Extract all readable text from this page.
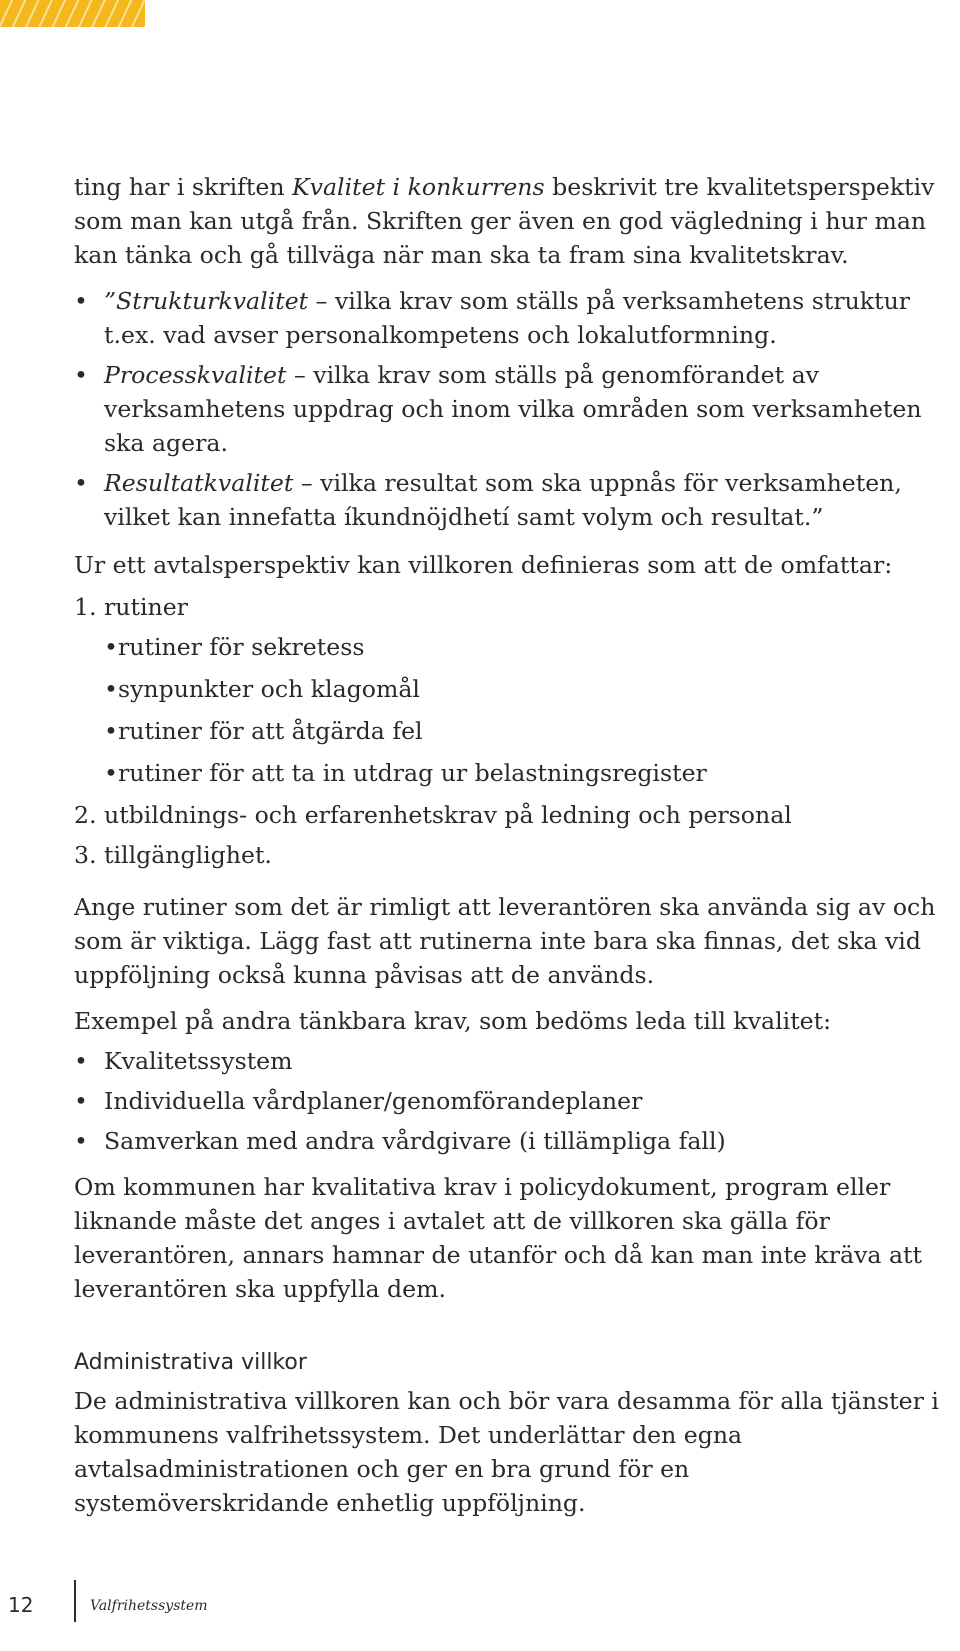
ting har i skriften Kvalitet i konkurrens beskrivit tre kvalitetsperspektiv som man kan utgå från. Skriften ger även en god vägledning i hur man kan tänka och gå tillväga när man ska ta fram sina kvalitetskrav.

• ”Strukturkvalitet – vilka krav som ställs på verksamhetens struktur t.ex. vad avser personalkompetens och lokalutformning.
• Processkvalitet – vilka krav som ställs på genomförandet av verksamhetens uppdrag och inom vilka områden som verksamheten ska agera.
• Resultatkvalitet – vilka resultat som ska uppnås för verksamheten, vilket kan innefatta íkundnöjdhetí samt volym och resultat.”

Ur ett avtalsperspektiv kan villkoren definieras som att de omfattar:

1. rutiner
• rutiner för sekretess
• synpunkter och klagomål
• rutiner för att åtgärda fel
• rutiner för att ta in utdrag ur belastningsregister
2. utbildnings- och erfarenhetskrav på ledning och personal
3. tillgänglighet.

Ange rutiner som det är rimligt att leverantören ska använda sig av och som är viktiga. Lägg fast att rutinerna inte bara ska finnas, det ska vid uppföljning också kunna påvisas att de används.

Exempel på andra tänkbara krav, som bedöms leda till kvalitet:

• Kvalitetssystem
• Individuella vårdplaner/genomförandeplaner
• Samverkan med andra vårdgivare (i tillämpliga fall)

Om kommunen har kvalitativa krav i policydokument, program eller liknande måste det anges i avtalet att de villkoren ska gälla för leverantören, annars hamnar de utanför och då kan man inte kräva att leverantören ska uppfylla dem.

Administrativa villkor

De administrativa villkoren kan och bör vara desamma för alla tjänster i kommunens valfrihetssystem. Det underlättar den egna avtalsadministrationen och ger en bra grund för en systemöverskridande enhetlig uppföljning.

12	Valfrihetssystem
